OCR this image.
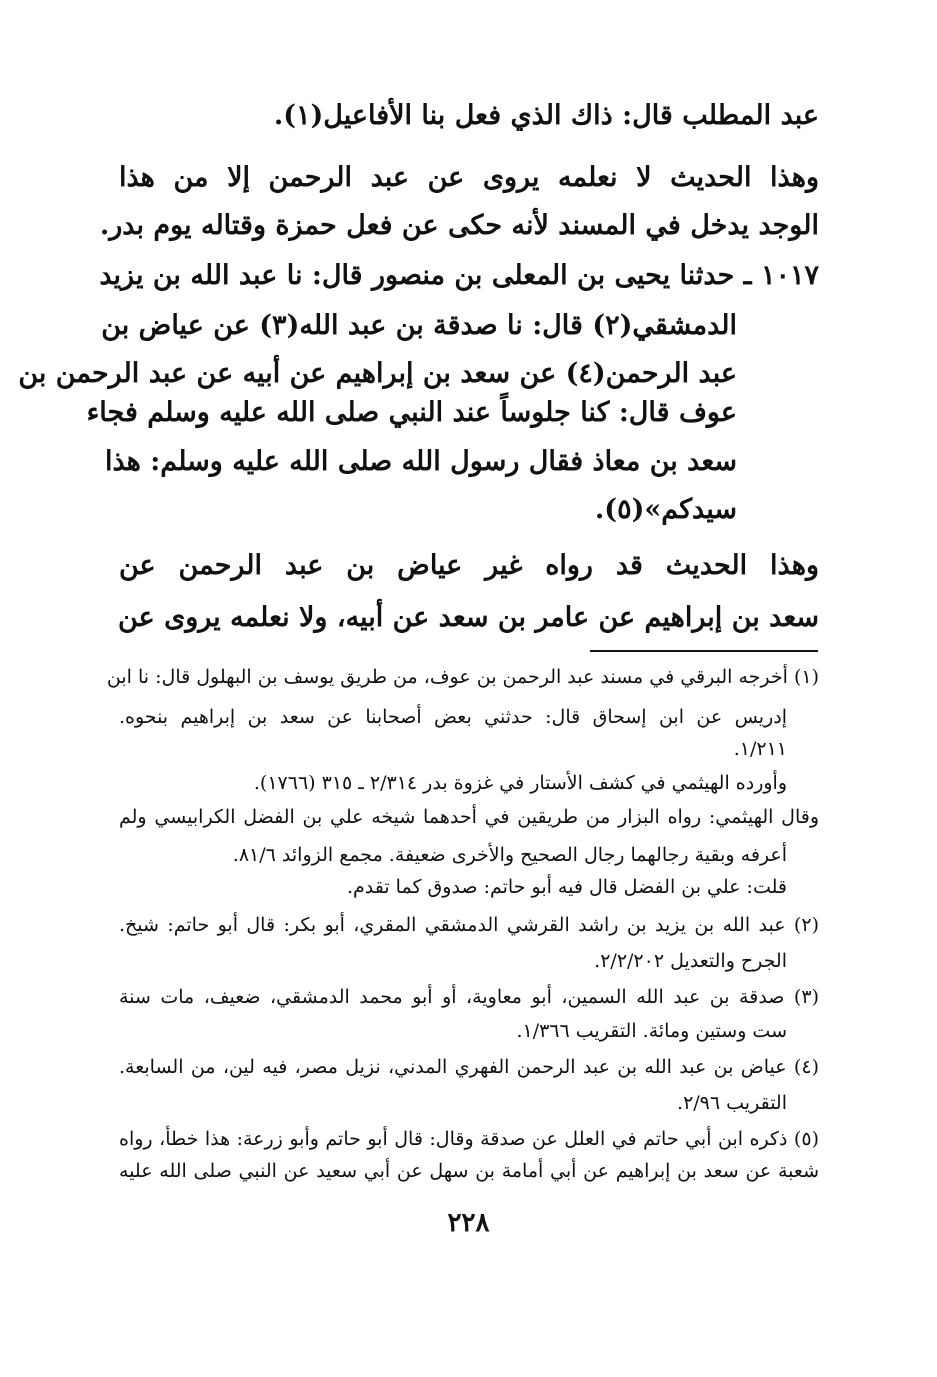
عبد المطلب قال: ذاك الذي فعل بنا الأفاعيل(١).
وهذا الحديث لا نعلمه يروى عن عبد الرحمن إلا من هذا
الوجد يدخل في المسند لأنه حكى عن فعل حمزة وقتاله يوم بدر.
١٠١٧ ـ حدثنا يحيى بن المعلى بن منصور قال: نا عبد الله بن يزيد
الدمشقي(٢) قال: نا صدقة بن عبد الله(٣) عن عياض بن
عبد الرحمن(٤) عن سعد بن إبراهيم عن أبيه عن عبد الرحمن بن
عوف قال: كنا جلوساً عند النبي صلى الله عليه وسلم فجاء
سعد بن معاذ فقال رسول الله صلى الله عليه وسلم: هذا
سيدكم»(٥).
وهذا الحديث قد رواه غير عياض بن عبد الرحمن عن
سعد بن إبراهيم عن عامر بن سعد عن أبيه، ولا نعلمه يروى عن
(١) أخرجه البرقي في مسند عبد الرحمن بن عوف، من طريق يوسف بن البهلول قال: نا ابن
إدريس عن ابن إسحاق قال: حدثني بعض أصحابنا عن سعد بن إبراهيم بنحوه.
١/٢١١.
وأورده الهيثمي في كشف الأستار في غزوة بدر ٢/٣١٤ ـ ٣١٥ (١٧٦٦).
وقال الهيثمي: رواه البزار من طريقين في أحدهما شيخه علي بن الفضل الكرابيسي ولم
أعرفه وبقية رجالهما رجال الصحيح والأخرى ضعيفة. مجمع الزوائد ٨١/٦.
قلت: علي بن الفضل قال فيه أبو حاتم: صدوق كما تقدم.
(٢) عبد الله بن يزيد بن راشد القرشي الدمشقي المقري، أبو بكر: قال أبو حاتم: شيخ.
الجرح والتعديل ٢/٢/٢٠٢.
(٣) صدقة بن عبد الله السمين، أبو معاوية، أو أبو محمد الدمشقي، ضعيف، مات سنة
ست وستين ومائة. التقريب ١/٣٦٦.
(٤) عياض بن عبد الله بن عبد الرحمن الفهري المدني، نزيل مصر، فيه لين، من السابعة.
التقريب ٢/٩٦.
(٥) ذكره ابن أبي حاتم في العلل عن صدقة وقال: قال أبو حاتم وأبو زرعة: هذا خطأ، رواه
شعبة عن سعد بن إبراهيم عن أبي أمامة بن سهل عن أبي سعيد عن النبي صلى الله عليه
٢٢٨
